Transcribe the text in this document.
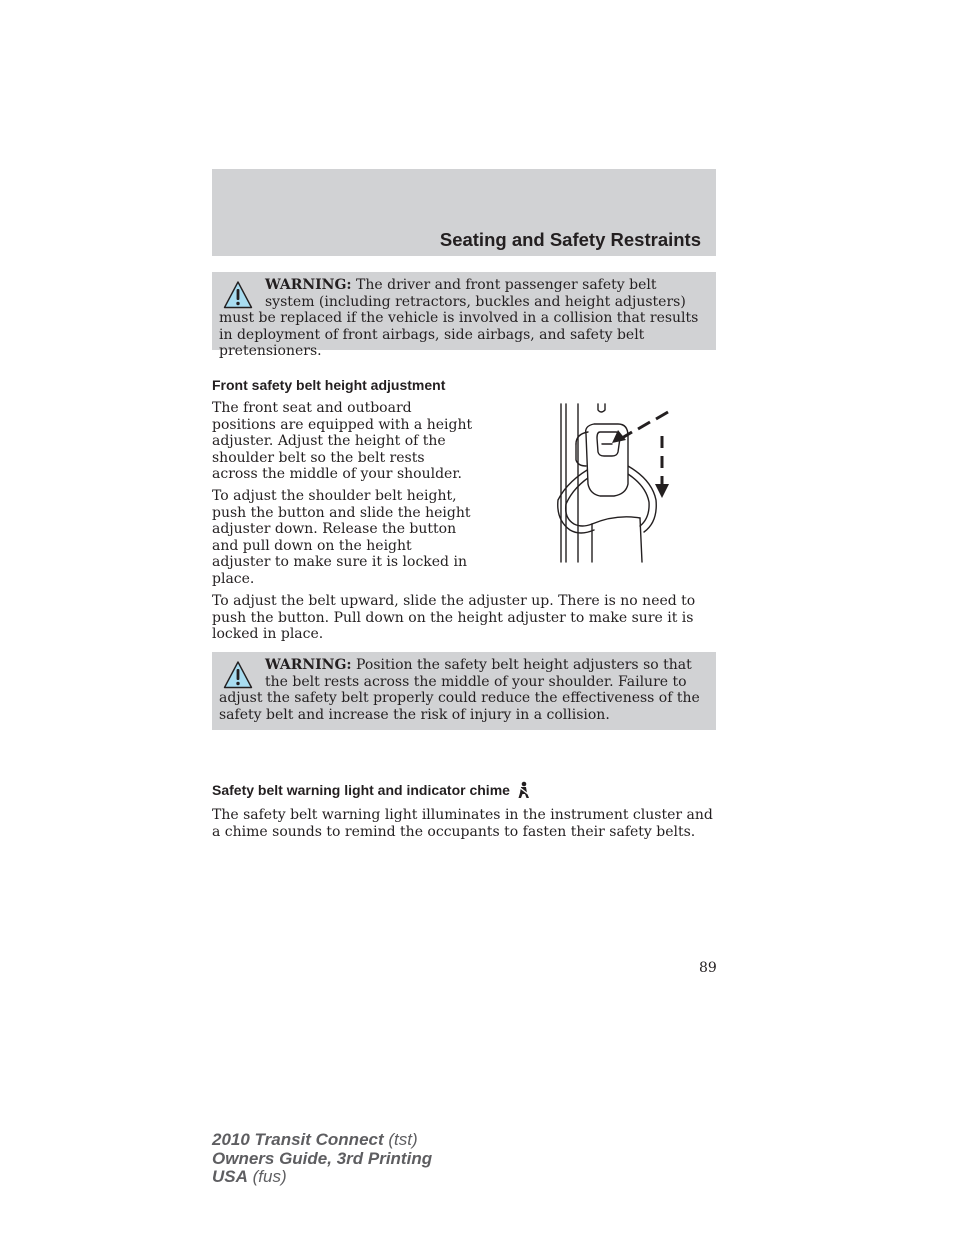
Seating and Safety Restraints
WARNING: The driver and front passenger safety belt system (including retractors, buckles and height adjusters) must be replaced if the vehicle is involved in a collision that results in deployment of front airbags, side airbags, and safety belt pretensioners.
Front safety belt height adjustment

The front seat and outboard positions are equipped with a height adjuster. Adjust the height of the shoulder belt so the belt rests across the middle of your shoulder.

To adjust the shoulder belt height, push the button and slide the height adjuster down. Release the button and pull down on the height adjuster to make sure it is locked in place.

To adjust the belt upward, slide the adjuster up. There is no need to push the button. Pull down on the height adjuster to make sure it is locked in place.

WARNING: Position the safety belt height adjusters so that the belt rests across the middle of your shoulder. Failure to adjust the safety belt properly could reduce the effectiveness of the safety belt and increase the risk of injury in a collision.
Safety belt warning light and indicator chime

The safety belt warning light illuminates in the instrument cluster and a chime sounds to remind the occupants to fasten their safety belts.

89
2010 Transit Connect (tst)
Owners Guide, 3rd Printing
USA (fus)
